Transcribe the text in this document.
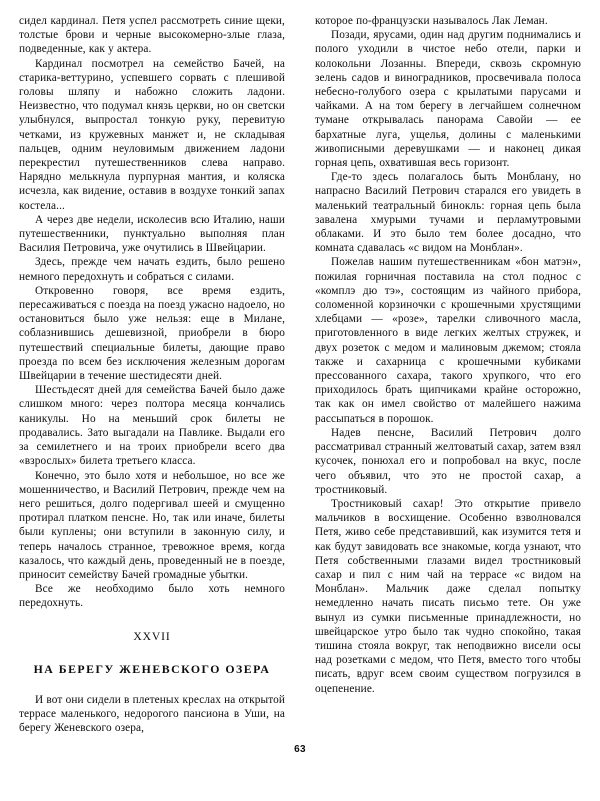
сидел кардинал. Петя успел рассмотреть синие щеки, толстые брови и черные высокомерно-злые глаза, подведенные, как у актера.

Кардинал посмотрел на семейство Бачей, на старика-веттурино, успевшего сорвать с плешивой головы шляпу и набожно сложить ладони. Неизвестно, что подумал князь церкви, но он светски улыбнулся, выпростал тонкую руку, перевитую четками, из кружевных манжет и, не складывая пальцев, одним неуловимым движением ладони перекрестил путешественников слева направо. Нарядно мелькнула пурпурная мантия, и коляска исчезла, как видение, оставив в воздухе тонкий запах костела...

А через две недели, исколесив всю Италию, наши путешественники, пунктуально выполняя план Василия Петровича, уже очутились в Швейцарии.

Здесь, прежде чем начать ездить, было решено немного передохнуть и собраться с силами.

Откровенно говоря, все время ездить, пересаживаться с поезда на поезд ужасно надоело, но остановиться было уже нельзя: еще в Милане, соблазнившись дешевизной, приобрели в бюро путешествий специальные билеты, дающие право проезда по всем без исключения железным дорогам Швейцарии в течение шестидесяти дней.

Шестьдесят дней для семейства Бачей было даже слишком много: через полтора месяца кончались каникулы. Но на меньший срок билеты не продавались. Зато выгадали на Павлике. Выдали его за семилетнего и на троих приобрели всего два «взрослых» билета третьего класса.

Конечно, это было хотя и небольшое, но все же мошенничество, и Василий Петрович, прежде чем на него решиться, долго подергивал шеей и смущенно протирал платком пенсне. Но, так или иначе, билеты были куплены; они вступили в законную силу, и теперь началось странное, тревожное время, когда казалось, что каждый день, проведенный не в поезде, приносит семейству Бачей громадные убытки.

Все же необходимо было хоть немного передохнуть.

XXVII
НА БЕРЕГУ ЖЕНЕВСКОГО ОЗЕРА

И вот они сидели в плетеных креслах на открытой террасе маленького, недорогого пансиона в Уши, на берегу Женевского озера,

которое по-французски называлось Лак Леман.

Позади, ярусами, один над другим поднимались и полого уходили в чистое небо отели, парки и колокольни Лозанны. Впереди, сквозь скромную зелень садов и виноградников, просвечивала полоса небесно-голубого озера с крылатыми парусами и чайками. А на том берегу в легчайшем солнечном тумане открывалась панорама Савойи — ее бархатные луга, ущелья, долины с маленькими живописными деревушками — и наконец дикая горная цепь, охватившая весь горизонт.

Где-то здесь полагалось быть Монблану, но напрасно Василий Петрович старался его увидеть в маленький театральный бинокль: горная цепь была завалена хмурыми тучами и перламутровыми облаками. И это было тем более досадно, что комната сдавалась «с видом на Монблан».

Пожелав нашим путешественникам «бон матэн», пожилая горничная поставила на стол поднос с «комплэ дю тэ», состоящим из чайного прибора, соломенной корзиночки с крошечными хрустящими хлебцами — «розе», тарелки сливочного масла, приготовленного в виде легких желтых стружек, и двух розеток с медом и малиновым джемом; стояла также и сахарница с крошечными кубиками прессованного сахара, такого хрупкого, что его приходилось брать щипчиками крайне осторожно, так как он имел свойство от малейшего нажима рассыпаться в порошок.

Надев пенсне, Василий Петрович долго рассматривал странный желтоватый сахар, затем взял кусочек, понюхал его и попробовал на вкус, после чего объявил, что это не простой сахар, а тростниковый.

Тростниковый сахар! Это открытие привело мальчиков в восхищение. Особенно взволновался Петя, живо себе представивший, как изумится тетя и как будут завидовать все знакомые, когда узнают, что Петя собственными глазами видел тростниковый сахар и пил с ним чай на террасе «с видом на Монблан». Мальчик даже сделал попытку немедленно начать писать письмо тете. Он уже вынул из сумки письменные принадлежности, но швейцарское утро было так чудно спокойно, такая тишина стояла вокруг, так неподвижно висели осы над розетками с медом, что Петя, вместо того чтобы писать, вдруг всем своим существом погрузился в оцепенение.

63
